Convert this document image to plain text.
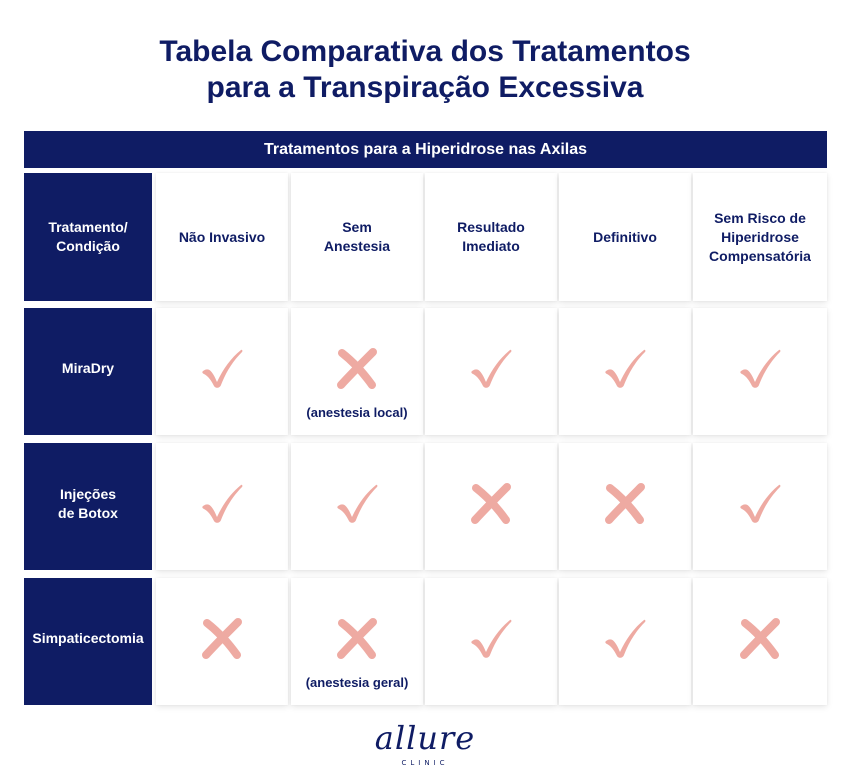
Tabela Comparativa dos Tratamentos
para a Transpiração Excessiva
Tratamentos para a Hiperidrose nas Axilas
Tratamento/
Condição
Não Invasivo
Sem
Anestesia
Resultado
Imediato
Definitivo
Sem Risco de
Hiperidrose
Compensatória
MiraDry
(anestesia local)
Injeções
de Botox
Simpaticectomia
(anestesia geral)
allure
CLINIC
